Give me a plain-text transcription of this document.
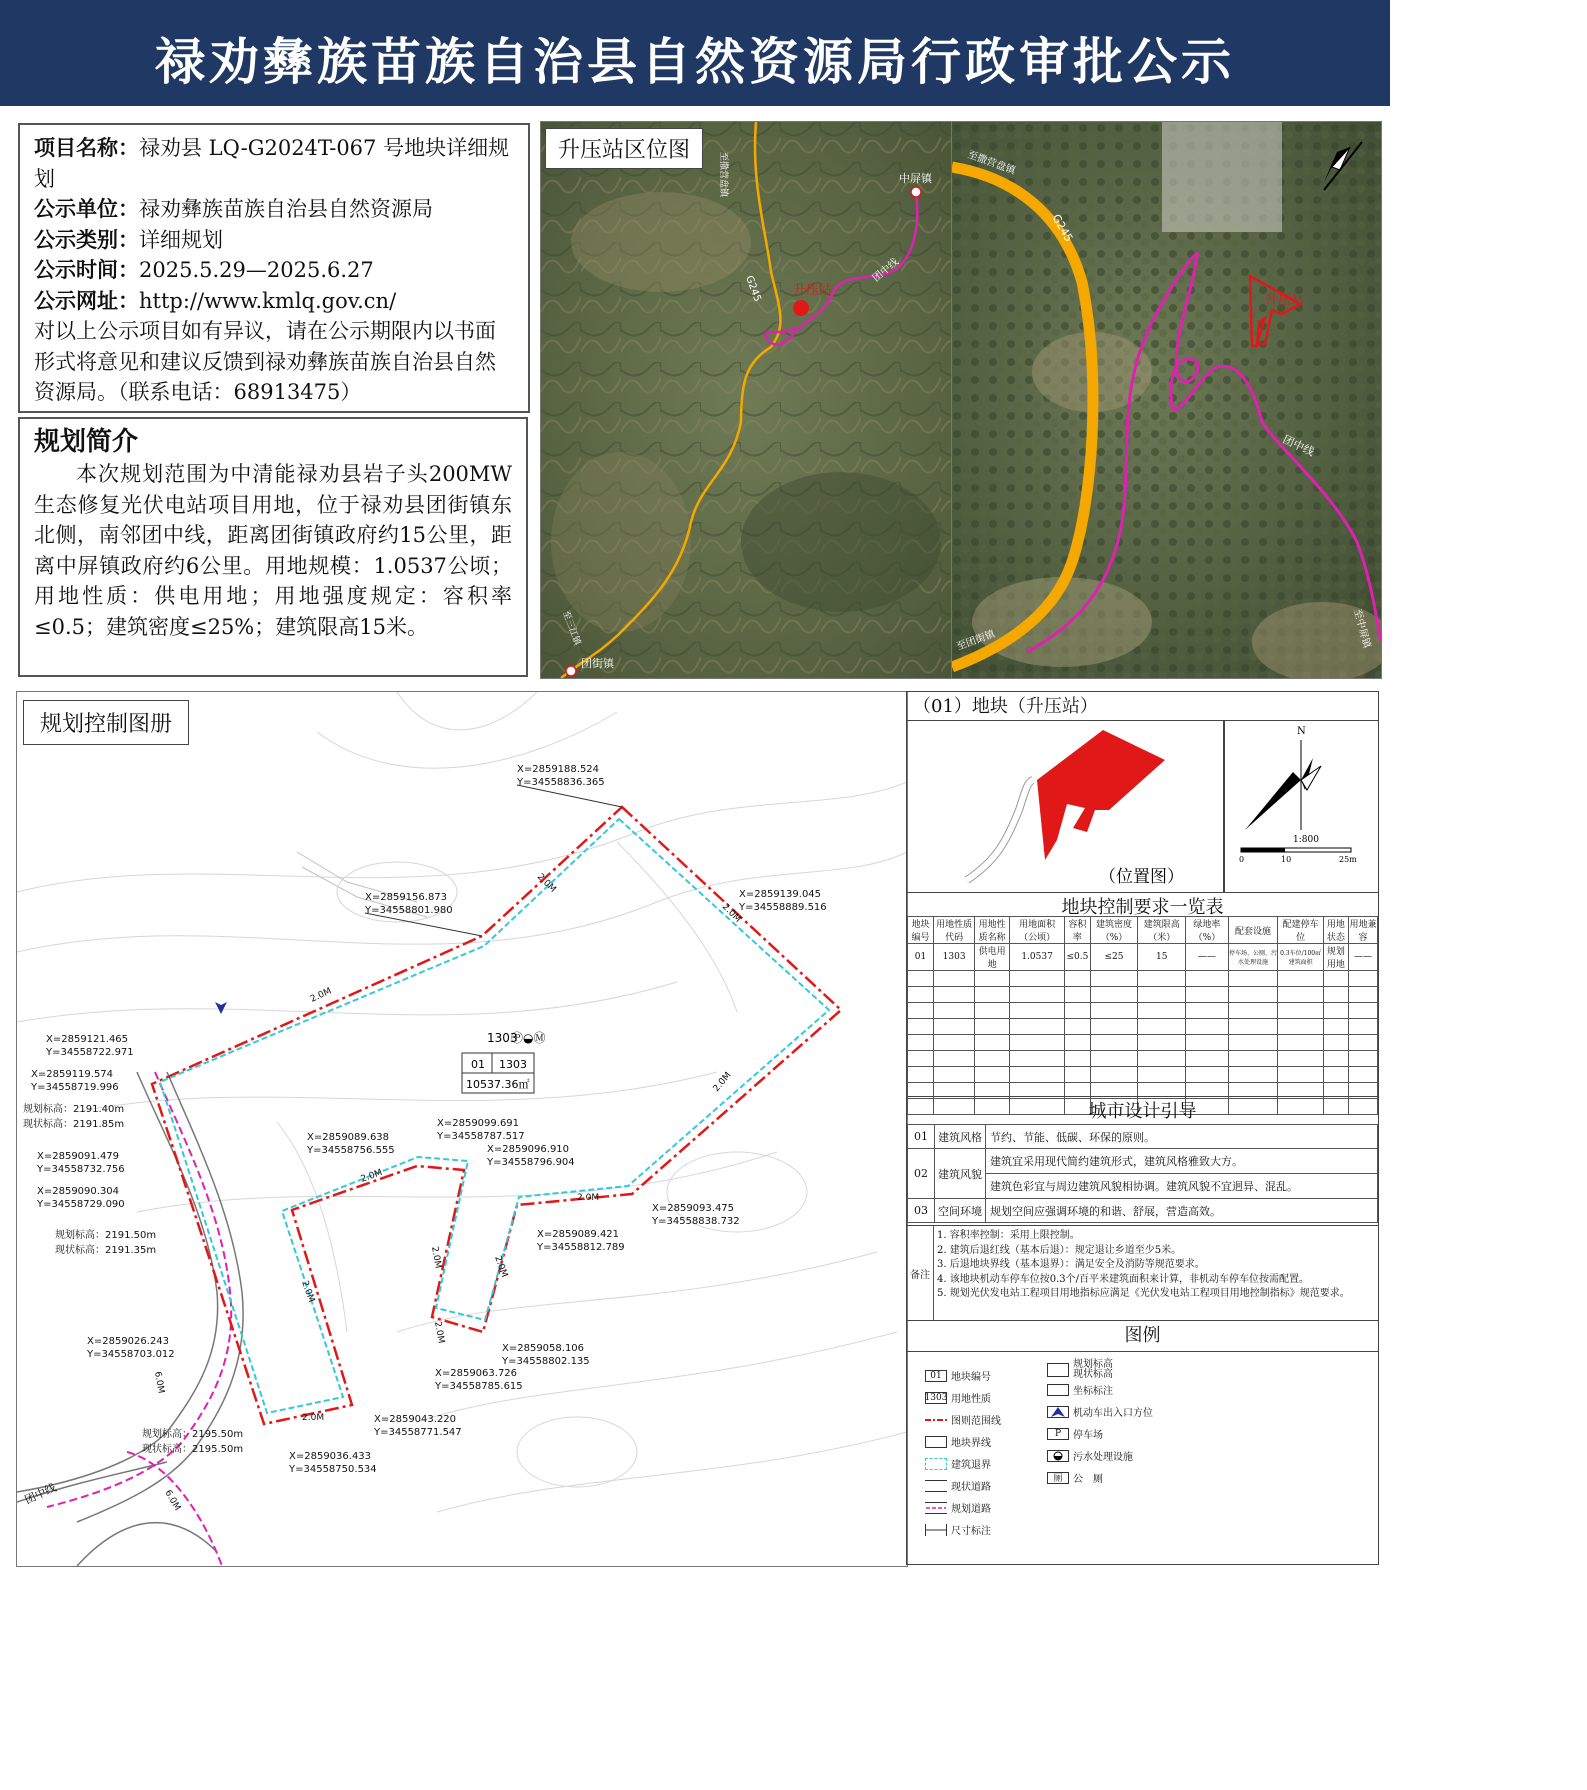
禄劝彝族苗族自治县自然资源局行政审批公示
项目名称：禄劝县 LQ-G2024T-067 号地块详细规划
公示单位：禄劝彝族苗族自治县自然资源局
公示类别：详细规划
公示时间：2025.5.29—2025.6.27
公示网址：http://www.kmlq.gov.cn/
对以上公示项目如有异议，请在公示期限内以书面形式将意见和建议反馈到禄劝彝族苗族自治县自然资源局。（联系电话：68913475）
规划简介

本次规划范围为中清能禄劝县岩子头200MW生态修复光伏电站项目用地，位于禄劝县团街镇东北侧，南邻团中线，距离团街镇政府约15公里，距离中屏镇政府约6公里。用地规模：1.0537公顷；用地性质：供电用地；用地强度规定：容积率≤0.5；建筑密度≤25%；建筑限高15米。

升压站
中屏镇
团街镇
G245
团中线
至撒营盘镇
至三江镇
升压站区位图
升压站
至撒营盘镇
G245
团中线
至团街镇	至中屏镇
1303
Ⓟ◒Ⓜ
01 1303
10537.36㎡
X=2859188.524
Y=34558836.365
X=2859156.873
Y=34558801.980
X=2859139.045
Y=34558889.516
X=2859121.465
Y=34558722.971
X=2859119.574
Y=34558719.996
规划标高：2191.40m
现状标高：2191.85m
X=2859091.479
Y=34558732.756
X=2859090.304
Y=34558729.090
规划标高：2191.50m
现状标高：2191.35m
X=2859089.638
Y=34558756.555
X=2859099.691
Y=34558787.517
X=2859096.910
Y=34558796.904
X=2859093.475
Y=34558838.732
X=2859089.421
Y=34558812.789
X=2859058.106
Y=34558802.135
X=2859063.726
Y=34558785.615
X=2859043.220
Y=34558771.547
X=2859036.433
Y=34558750.534
X=2859026.243
Y=34558703.012
规划标高：2195.50m
现状标高：2195.50m
2.0M
2.0M
2.0M
2.0M
2.0M
2.0M
2.0M	2.0M
2.0M
2.0M
2.0M
6.0M
6.0M
团中线
规划控制图册
（01）地块（升压站）
（位置图）
N
1:800
0	10	25m
地块控制要求一览表
地块编号	用地性质代码	用地性质名称	用地面积（公顷）	容积率	建筑密度（%）	建筑限高（米）	绿地率（%）	配套设施	配建停车位	用地状态	用地兼容
01	1303	供电用地	1.0537	≤0.5	≤25	15	——	停车场、公厕、污水处理设施	0.3车位/100㎡建筑面积	规划用地	——

城市设计引导
01	建筑风格	节约、节能、低碳、环保的原则。
02	建筑风貌	建筑宜采用现代简约建筑形式，建筑风格雅致大方。
		建筑色彩宜与周边建筑风貌相协调。建筑风貌不宜迥异、混乱。
03	空间环境	规划空间应强调环境的和谐、舒展，营造高效。
备注
1. 容积率控制：采用上限控制。
2. 建筑后退红线（基本后退）：规定退让乡道至少5米。
3. 后退地块界线（基本退界）：满足安全及消防等规范要求。
4. 该地块机动车停车位按0.3个/百平米建筑面积来计算，非机动车停车位按需配置。
5. 规划光伏发电站工程项目用地指标应满足《光伏发电站工程项目用地控制指标》规范要求。
图例
01 地块编号
1303 用地性质
图则范围线
地块界线
建筑退界
现状道路
规划道路
尺寸标注
规划标高
现状标高
坐标标注
机动车出入口方位
P	停车场
污水处理设施
厕	公　厕
